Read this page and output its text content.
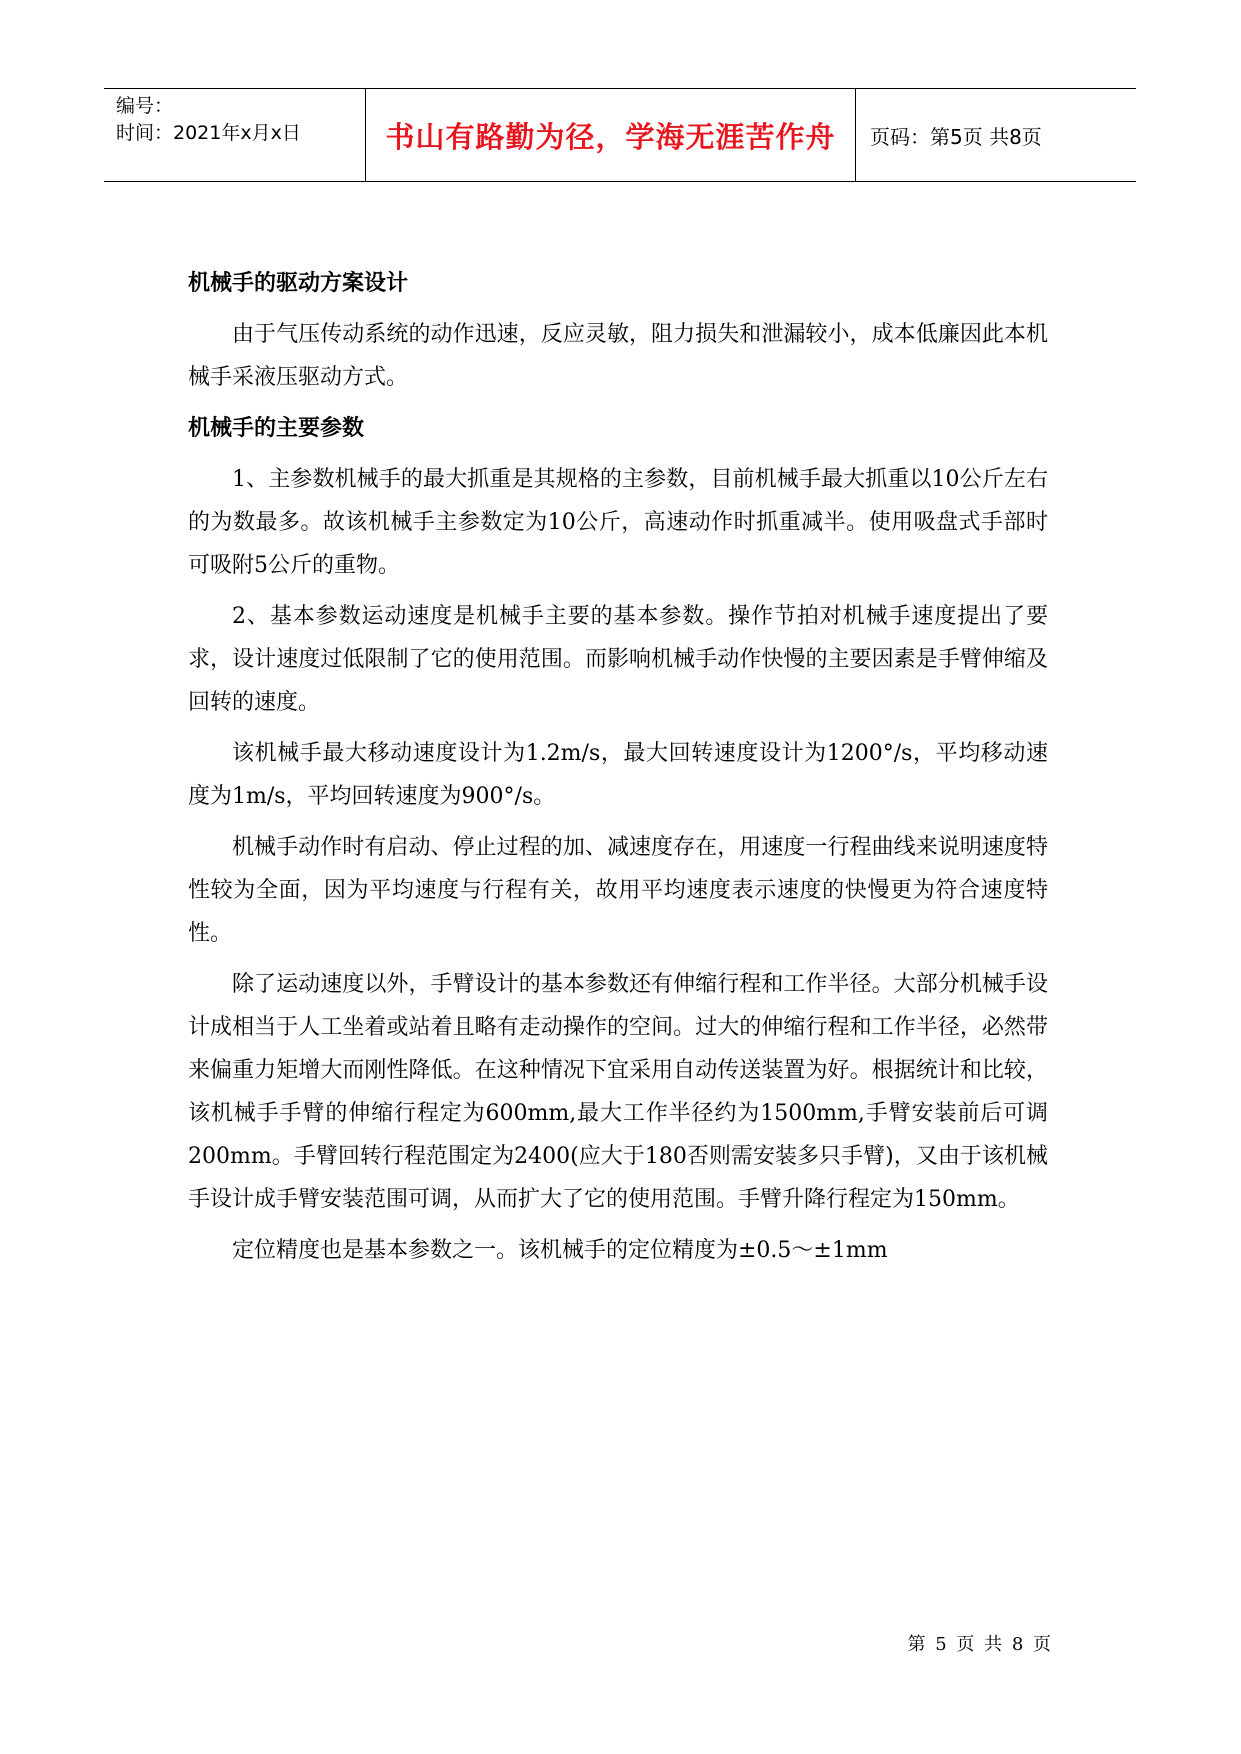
编号：
时间：2021年x月x日	书山有路勤为径，学海无涯苦作舟	页码：第5页 共8页
机械手的驱动方案设计

由于气压传动系统的动作迅速，反应灵敏，阻力损失和泄漏较小，成本低廉因此本机械手采液压驱动方式。

机械手的主要参数

1、主参数机械手的最大抓重是其规格的主参数，目前机械手最大抓重以10公斤左右的为数最多。故该机械手主参数定为10公斤，高速动作时抓重减半。使用吸盘式手部时可吸附5公斤的重物。

2、基本参数运动速度是机械手主要的基本参数。操作节拍对机械手速度提出了要求，设计速度过低限制了它的使用范围。而影响机械手动作快慢的主要因素是手臂伸缩及回转的速度。

该机械手最大移动速度设计为1.2m/s，最大回转速度设计为1200°/s，平均移动速度为1m/s，平均回转速度为900°/s。

机械手动作时有启动、停止过程的加、减速度存在，用速度一行程曲线来说明速度特性较为全面，因为平均速度与行程有关，故用平均速度表示速度的快慢更为符合速度特性。

除了运动速度以外，手臂设计的基本参数还有伸缩行程和工作半径。大部分机械手设计成相当于人工坐着或站着且略有走动操作的空间。过大的伸缩行程和工作半径，必然带来偏重力矩增大而刚性降低。在这种情况下宜采用自动传送装置为好。根据统计和比较，该机械手手臂的伸缩行程定为600mm,最大工作半径约为1500mm,手臂安装前后可调200mm。手臂回转行程范围定为2400(应大于180否则需安装多只手臂)，又由于该机械手设计成手臂安装范围可调，从而扩大了它的使用范围。手臂升降行程定为150mm。

定位精度也是基本参数之一。该机械手的定位精度为±0.5～±1mm

第 5 页 共 8 页
